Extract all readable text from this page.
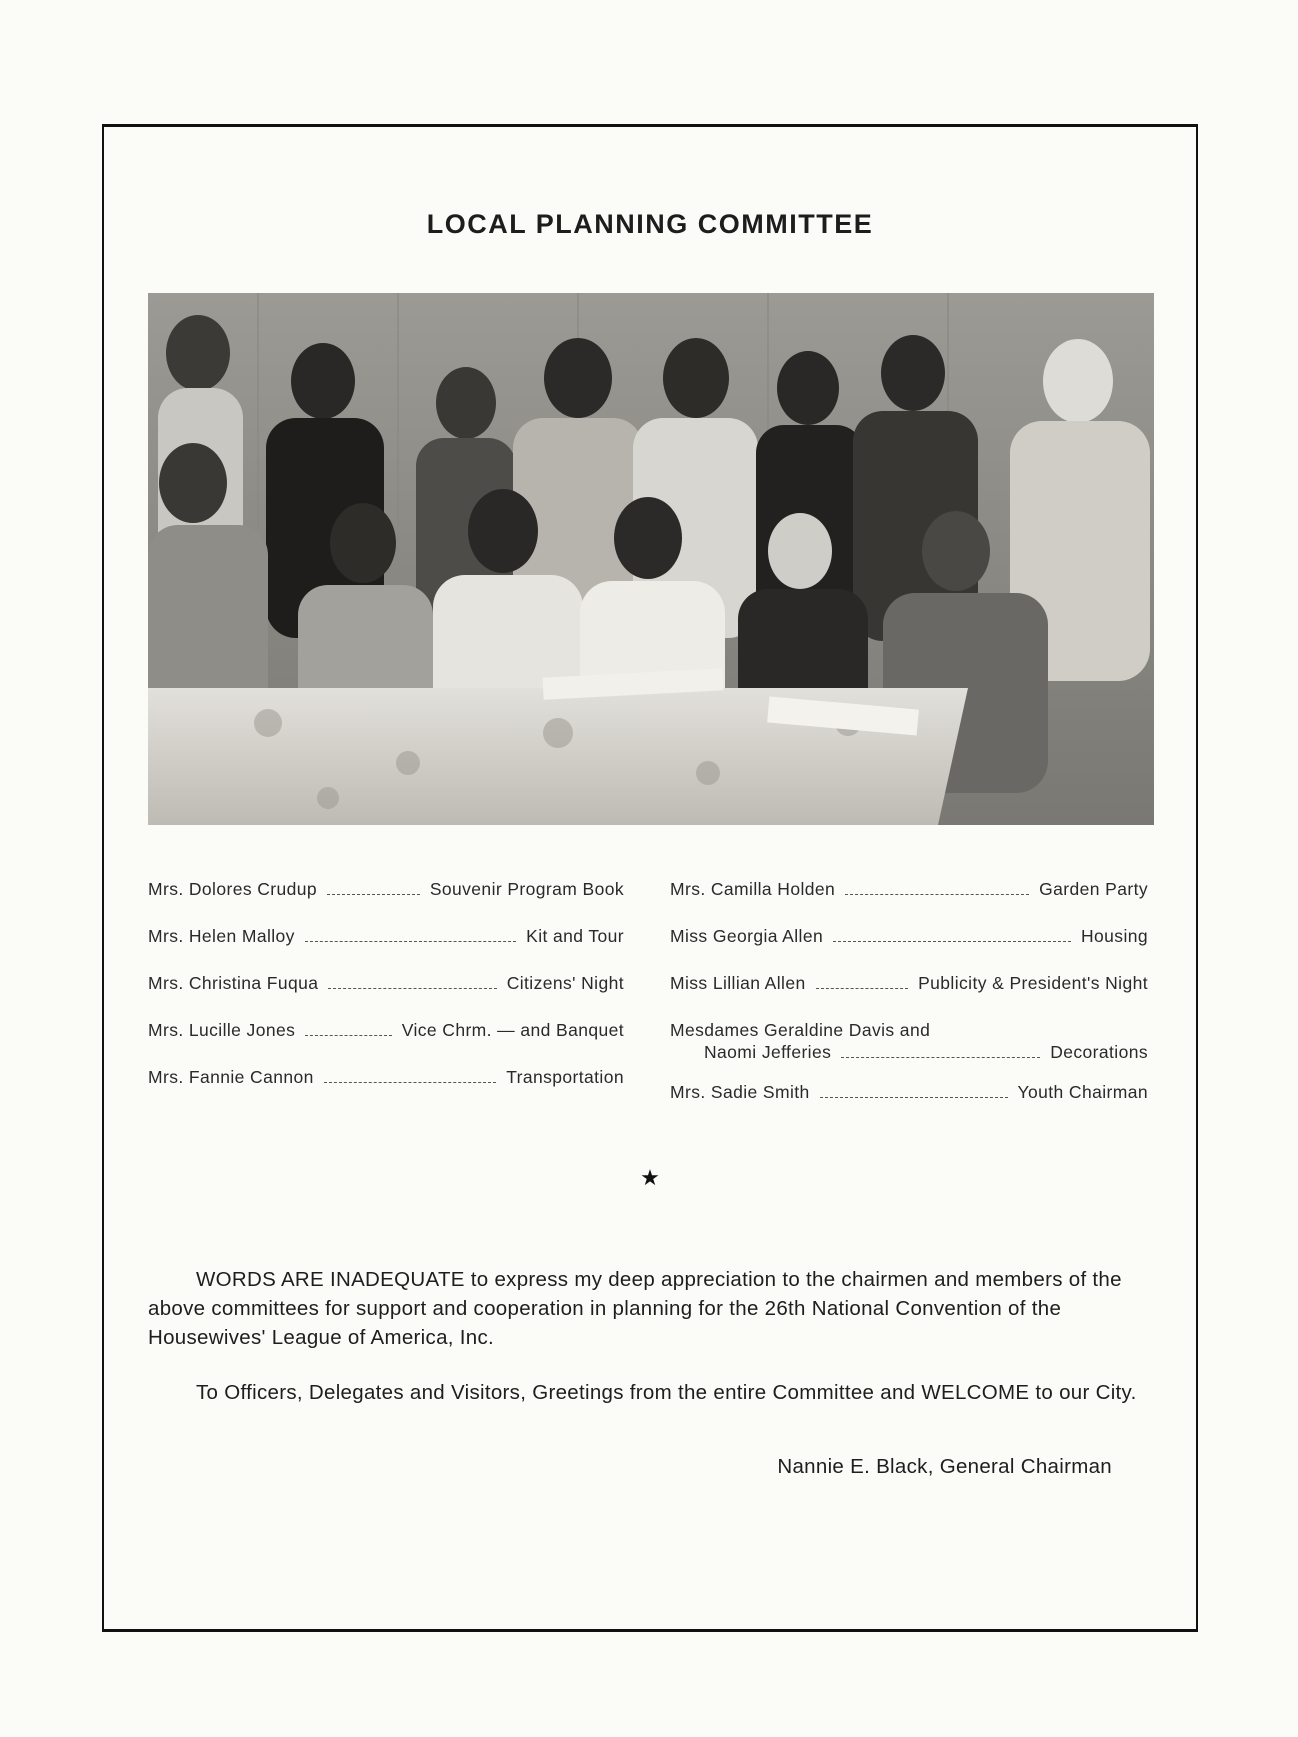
LOCAL PLANNING COMMITTEE
Mrs. Dolores Crudup	Souvenir Program Book
Mrs. Helen Malloy	Kit and Tour
Mrs. Christina Fuqua	Citizens' Night
Mrs. Lucille Jones	Vice Chrm. — and Banquet
Mrs. Fannie Cannon	Transportation
Mrs. Camilla Holden	Garden Party
Miss Georgia Allen	Housing
Miss Lillian Allen	Publicity & President's Night
Mesdames Geraldine Davis and
Naomi Jefferies	Decorations
Mrs. Sadie Smith	Youth Chairman
★

WORDS ARE INADEQUATE to express my deep appreciation to the chairmen and members of the above committees for support and cooperation in planning for the 26th National Convention of the Housewives' League of America, Inc.

To Officers, Delegates and Visitors, Greetings from the entire Committee and WELCOME to our City.

Nannie E. Black, General Chairman
